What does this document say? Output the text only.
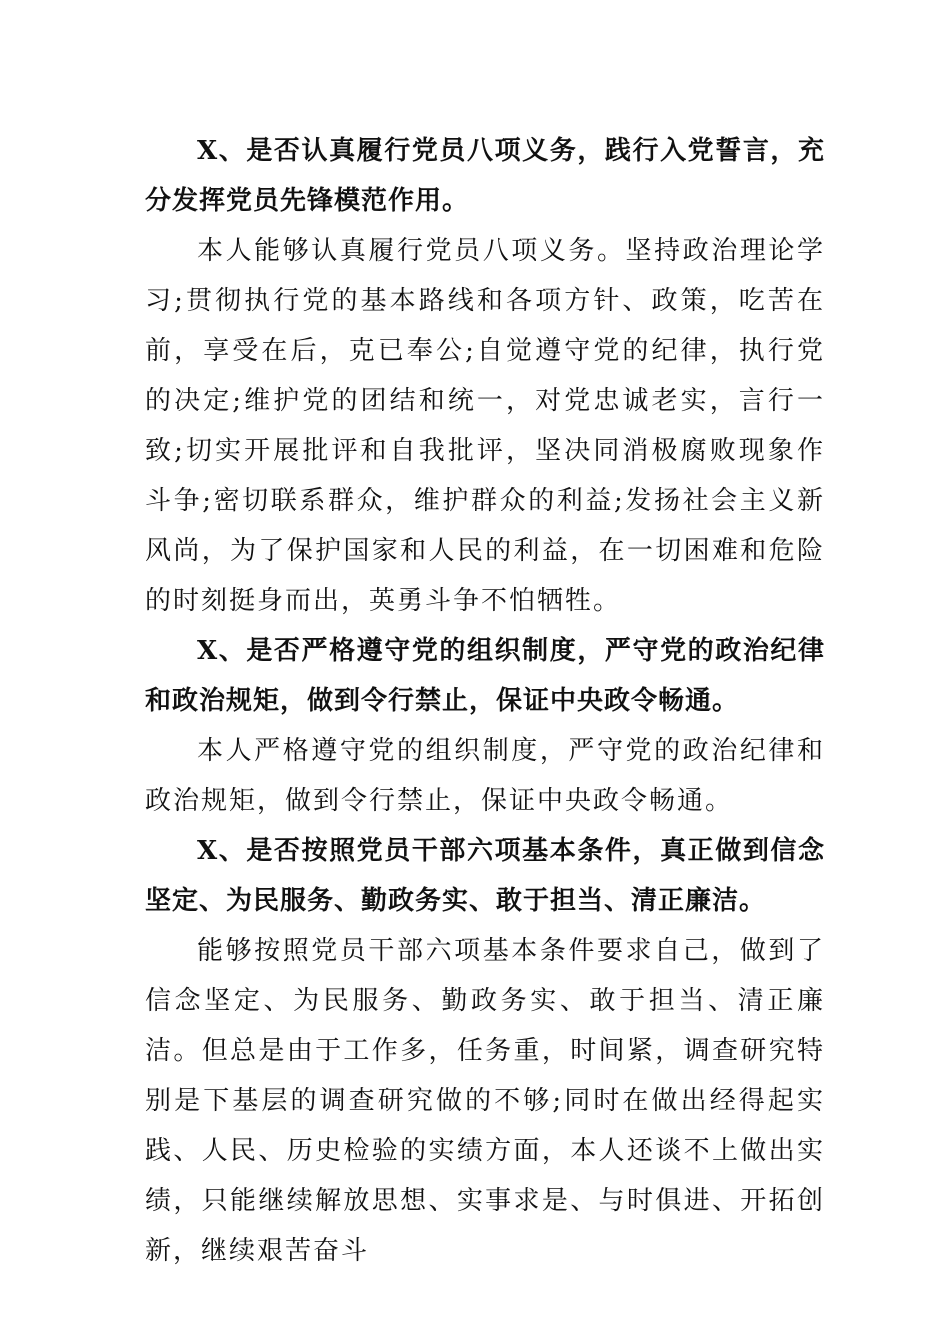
X、是否认真履行党员八项义务，践行入党誓言，充分发挥党员先锋模范作用。

本人能够认真履行党员八项义务。坚持政治理论学习;贯彻执行党的基本路线和各项方针、政策，吃苦在前，享受在后，克已奉公;自觉遵守党的纪律，执行党的决定;维护党的团结和统一，对党忠诚老实，言行一致;切实开展批评和自我批评，坚决同消极腐败现象作斗争;密切联系群众，维护群众的利益;发扬社会主义新风尚，为了保护国家和人民的利益，在一切困难和危险的时刻挺身而出，英勇斗争不怕牺牲。

X、是否严格遵守党的组织制度，严守党的政治纪律和政治规矩，做到令行禁止，保证中央政令畅通。

本人严格遵守党的组织制度，严守党的政治纪律和政治规矩，做到令行禁止，保证中央政令畅通。

X、是否按照党员干部六项基本条件，真正做到信念坚定、为民服务、勤政务实、敢于担当、清正廉洁。

能够按照党员干部六项基本条件要求自己，做到了信念坚定、为民服务、勤政务实、敢于担当、清正廉洁。但总是由于工作多，任务重，时间紧，调查研究特别是下基层的调查研究做的不够;同时在做出经得起实践、人民、历史检验的实绩方面，本人还谈不上做出实绩，只能继续解放思想、实事求是、与时俱进、开拓创新，继续艰苦奋斗
